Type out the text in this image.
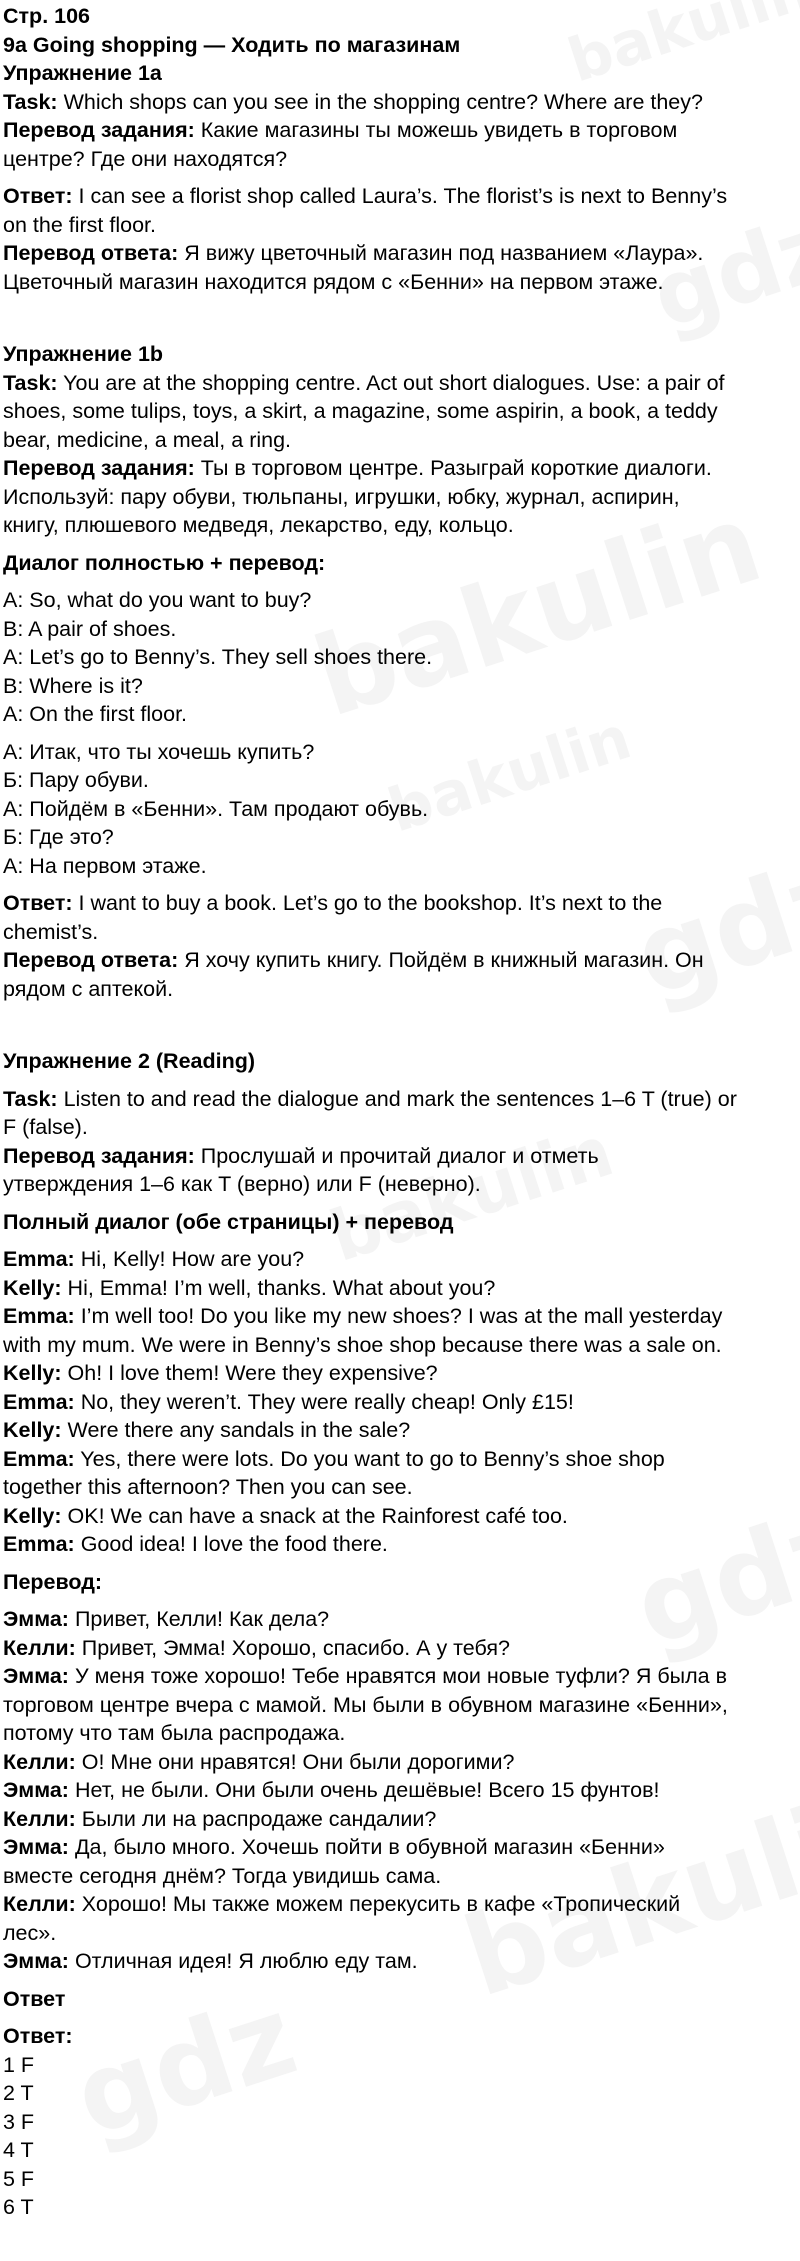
Стр. 106
9a Going shopping — Ходить по магазинам
Упражнение 1a
Task: Which shops can you see in the shopping centre? Where are they?
Перевод задания: Какие магазины ты можешь увидеть в торговом
центре? Где они находятся?
Ответ: I can see a florist shop called Laura’s. The florist’s is next to Benny’s
on the first floor.
Перевод ответа: Я вижу цветочный магазин под названием «Лаура».
Цветочный магазин находится рядом с «Бенни» на первом этаже.
Упражнение 1b
Task: You are at the shopping centre. Act out short dialogues. Use: a pair of
shoes, some tulips, toys, a skirt, a magazine, some aspirin, a book, a teddy
bear, medicine, a meal, a ring.
Перевод задания: Ты в торговом центре. Разыграй короткие диалоги.
Используй: пару обуви, тюльпаны, игрушки, юбку, журнал, аспирин,
книгу, плюшевого медведя, лекарство, еду, кольцо.
Диалог полностью + перевод:
A: So, what do you want to buy?
B: A pair of shoes.
A: Let’s go to Benny’s. They sell shoes there.
B: Where is it?
A: On the first floor.
А: Итак, что ты хочешь купить?
Б: Пару обуви.
А: Пойдём в «Бенни». Там продают обувь.
Б: Где это?
А: На первом этаже.
Ответ: I want to buy a book. Let’s go to the bookshop. It’s next to the
chemist’s.
Перевод ответа: Я хочу купить книгу. Пойдём в книжный магазин. Он
рядом с аптекой.
Упражнение 2 (Reading)
Task: Listen to and read the dialogue and mark the sentences 1–6 T (true) or
F (false).
Перевод задания: Прослушай и прочитай диалог и отметь
утверждения 1–6 как T (верно) или F (неверно).
Полный диалог (обе страницы) + перевод
Emma: Hi, Kelly! How are you?
Kelly: Hi, Emma! I’m well, thanks. What about you?
Emma: I’m well too! Do you like my new shoes? I was at the mall yesterday
with my mum. We were in Benny’s shoe shop because there was a sale on.
Kelly: Oh! I love them! Were they expensive?
Emma: No, they weren’t. They were really cheap! Only £15!
Kelly: Were there any sandals in the sale?
Emma: Yes, there were lots. Do you want to go to Benny’s shoe shop
together this afternoon? Then you can see.
Kelly: OK! We can have a snack at the Rainforest café too.
Emma: Good idea! I love the food there.
Перевод:
Эмма: Привет, Келли! Как дела?
Келли: Привет, Эмма! Хорошо, спасибо. А у тебя?
Эмма: У меня тоже хорошо! Тебе нравятся мои новые туфли? Я была в
торговом центре вчера с мамой. Мы были в обувном магазине «Бенни»,
потому что там была распродажа.
Келли: О! Мне они нравятся! Они были дорогими?
Эмма: Нет, не были. Они были очень дешёвые! Всего 15 фунтов!
Келли: Были ли на распродаже сандалии?
Эмма: Да, было много. Хочешь пойти в обувной магазин «Бенни»
вместе сегодня днём? Тогда увидишь сама.
Келли: Хорошо! Мы также можем перекусить в кафе «Тропический
лес».
Эмма: Отличная идея! Я люблю еду там.
Ответ
Ответ:
1 F
2 T
3 F
4 T
5 F
6 T
